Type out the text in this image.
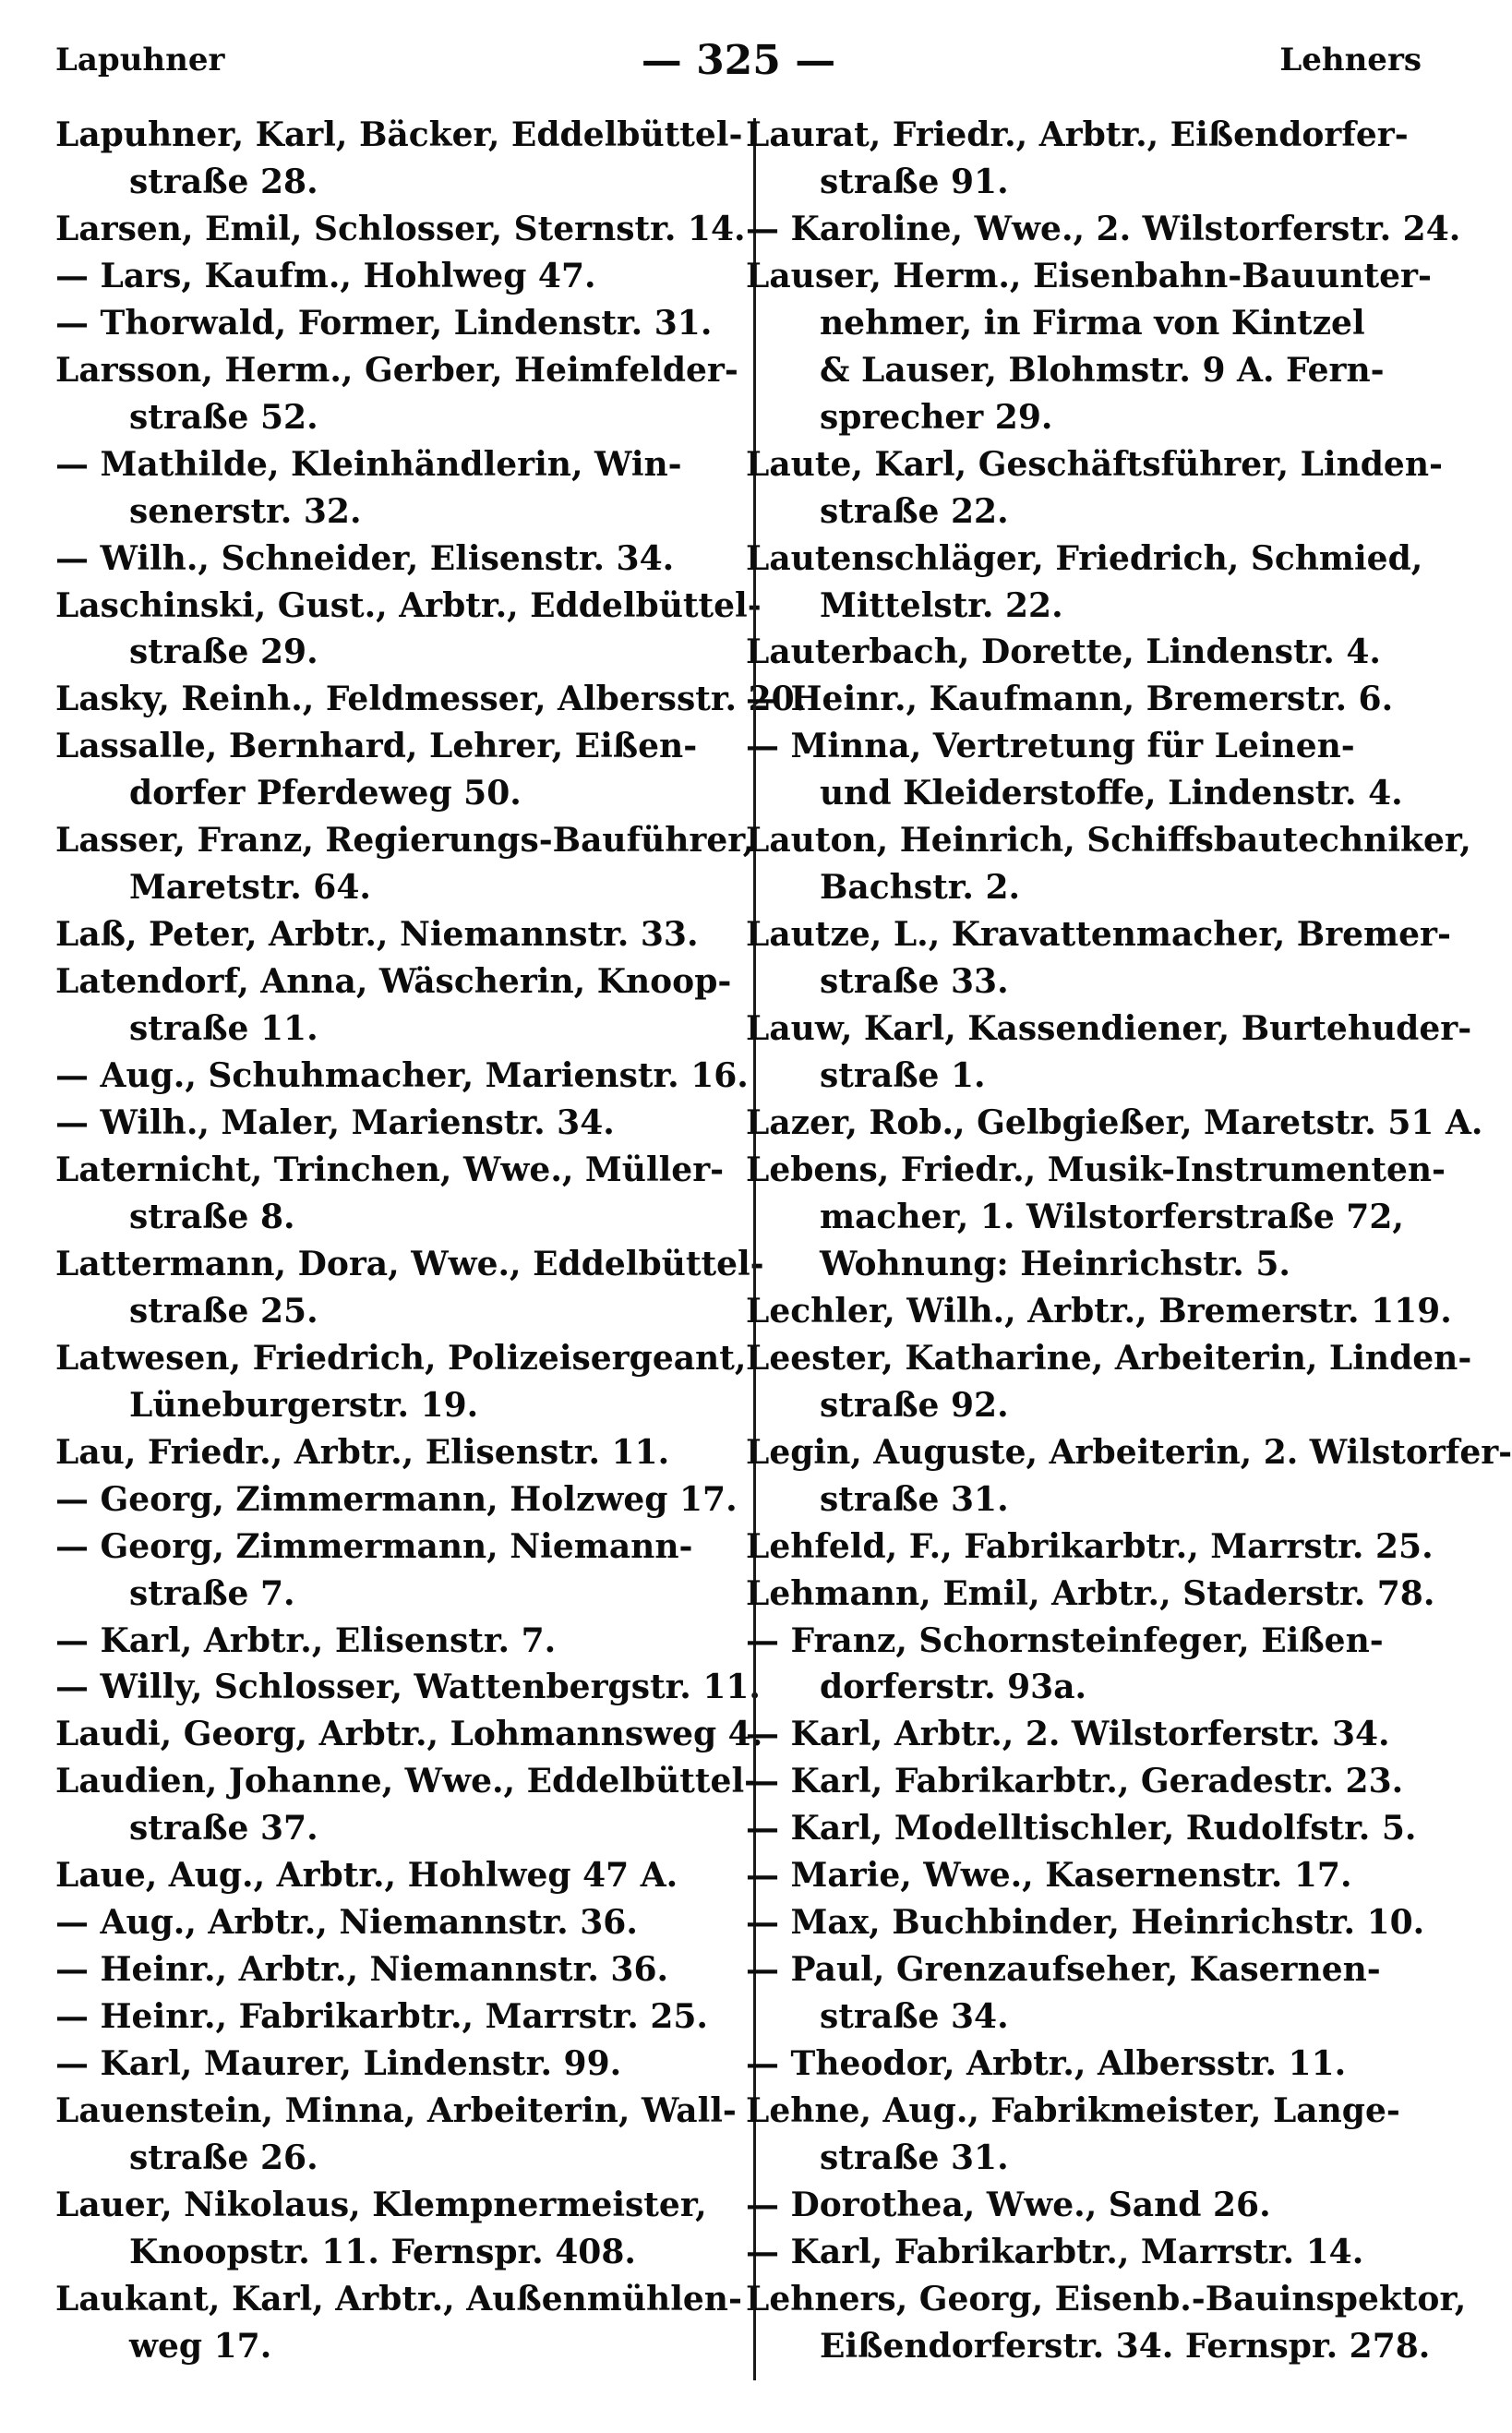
Lapuhner	— 325 —	Lehners
Lapuhner, Karl, Bäcker, Eddelbüttel-
straße 28.
Larsen, Emil, Schlosser, Sternstr. 14.
— Lars, Kaufm., Hohlweg 47.
— Thorwald, Former, Lindenstr. 31.
Larsson, Herm., Gerber, Heimfelder-
straße 52.
— Mathilde, Kleinhändlerin, Win-
senerstr. 32.
— Wilh., Schneider, Elisenstr. 34.
Laschinski, Gust., Arbtr., Eddelbüttel-
straße 29.
Lasky, Reinh., Feldmesser, Albersstr. 20.
Lassalle, Bernhard, Lehrer, Eißen-
dorfer Pferdeweg 50.
Lasser, Franz, Regierungs-Bauführer,
Maretstr. 64.
Laß, Peter, Arbtr., Niemannstr. 33.
Latendorf, Anna, Wäscherin, Knoop-
straße 11.
— Aug., Schuhmacher, Marienstr. 16.
— Wilh., Maler, Marienstr. 34.
Laternicht, Trinchen, Wwe., Müller-
straße 8.
Lattermann, Dora, Wwe., Eddelbüttel-
straße 25.
Latwesen, Friedrich, Polizeisergeant,
Lüneburgerstr. 19.
Lau, Friedr., Arbtr., Elisenstr. 11.
— Georg, Zimmermann, Holzweg 17.
— Georg, Zimmermann, Niemann-
straße 7.
— Karl, Arbtr., Elisenstr. 7.
— Willy, Schlosser, Wattenbergstr. 11.
Laudi, Georg, Arbtr., Lohmannsweg 4.
Laudien, Johanne, Wwe., Eddelbüttel-
straße 37.
Laue, Aug., Arbtr., Hohlweg 47 A.
— Aug., Arbtr., Niemannstr. 36.
— Heinr., Arbtr., Niemannstr. 36.
— Heinr., Fabrikarbtr., Marrstr. 25.
— Karl, Maurer, Lindenstr. 99.
Lauenstein, Minna, Arbeiterin, Wall-
straße 26.
Lauer, Nikolaus, Klempnermeister,
Knoopstr. 11. Fernspr. 408.
Laukant, Karl, Arbtr., Außenmühlen-
weg 17.
Laurat, Friedr., Arbtr., Eißendorfer-
straße 91.
— Karoline, Wwe., 2. Wilstorferstr. 24.
Lauser, Herm., Eisenbahn-Bauunter-
nehmer, in Firma von Kintzel
& Lauser, Blohmstr. 9 A. Fern-
sprecher 29.
Laute, Karl, Geschäftsführer, Linden-
straße 22.
Lautenschläger, Friedrich, Schmied,
Mittelstr. 22.
Lauterbach, Dorette, Lindenstr. 4.
— Heinr., Kaufmann, Bremerstr. 6.
— Minna, Vertretung für Leinen-
und Kleiderstoffe, Lindenstr. 4.
Lauton, Heinrich, Schiffsbautechniker,
Bachstr. 2.
Lautze, L., Kravattenmacher, Bremer-
straße 33.
Lauw, Karl, Kassendiener, Burtehuder-
straße 1.
Lazer, Rob., Gelbgießer, Maretstr. 51 A.
Lebens, Friedr., Musik-Instrumenten-
macher, 1. Wilstorferstraße 72,
Wohnung: Heinrichstr. 5.
Lechler, Wilh., Arbtr., Bremerstr. 119.
Leester, Katharine, Arbeiterin, Linden-
straße 92.
Legin, Auguste, Arbeiterin, 2. Wilstorfer-
straße 31.
Lehfeld, F., Fabrikarbtr., Marrstr. 25.
Lehmann, Emil, Arbtr., Staderstr. 78.
— Franz, Schornsteinfeger, Eißen-
dorferstr. 93a.
— Karl, Arbtr., 2. Wilstorferstr. 34.
— Karl, Fabrikarbtr., Geradestr. 23.
— Karl, Modelltischler, Rudolfstr. 5.
— Marie, Wwe., Kasernenstr. 17.
— Max, Buchbinder, Heinrichstr. 10.
— Paul, Grenzaufseher, Kasernen-
straße 34.
— Theodor, Arbtr., Albersstr. 11.
Lehne, Aug., Fabrikmeister, Lange-
straße 31.
— Dorothea, Wwe., Sand 26.
— Karl, Fabrikarbtr., Marrstr. 14.
Lehners, Georg, Eisenb.-Bauinspektor,
Eißendorferstr. 34. Fernspr. 278.
